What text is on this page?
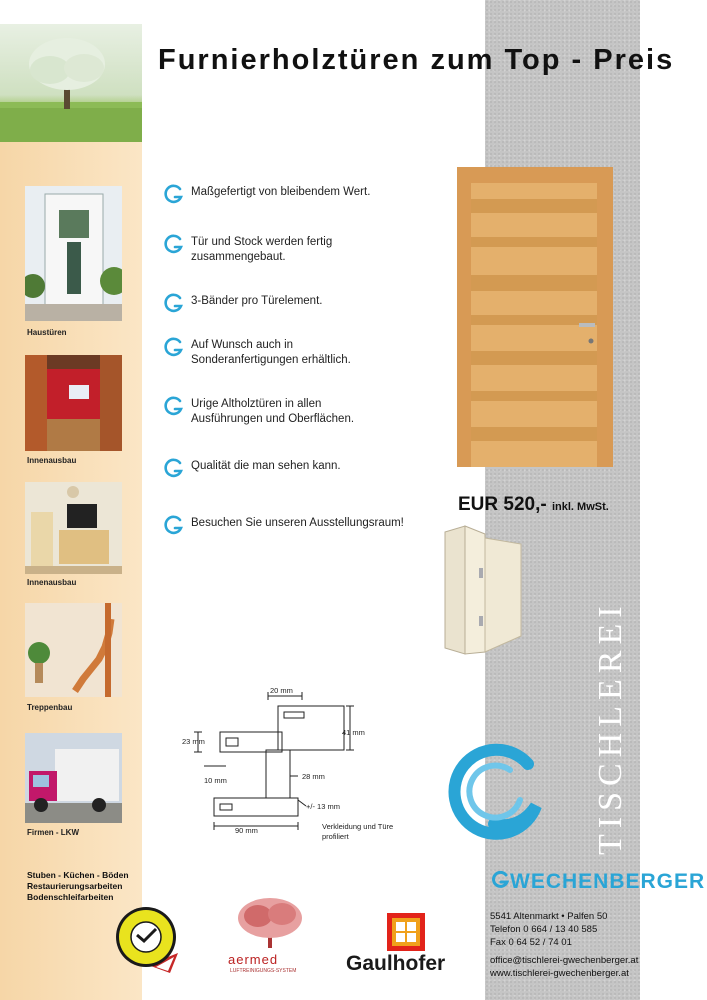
Furnierholztüren zum Top - Preis
Haustüren
Innenausbau
Innenausbau
Treppenbau
Firmen - LKW
Stuben - Küchen - Böden
Restaurierungsarbeiten
Bodenschleifarbeiten
Maßgefertigt von bleibendem Wert.
Tür und Stock werden fertig zusammengebaut.
3-Bänder pro Türelement.
Auf Wunsch auch in Sonderanfertigungen erhältlich.
Urige Altholztüren in allen Ausführungen und Oberflächen.
Qualität die man sehen kann.
Besuchen Sie unseren Ausstellungsraum!
EUR 520,- inkl. MwSt.
20 mm
23 mm
41 mm
10 mm	28 mm
+/- 13 mm
90 mm	Verkleidung und Türe
profiliert	TISCHLEREI
WECHENBERGER
5541 Altenmarkt • Palfen 50
Telefon 0 664 / 13 40 585
Fax 0 64 52 / 74 01
office@tischlerei-gwechenberger.at
www.tischlerei-gwechenberger.at
aermed
LUFTREINIGUNGS-SYSTEM Gaulhofer
